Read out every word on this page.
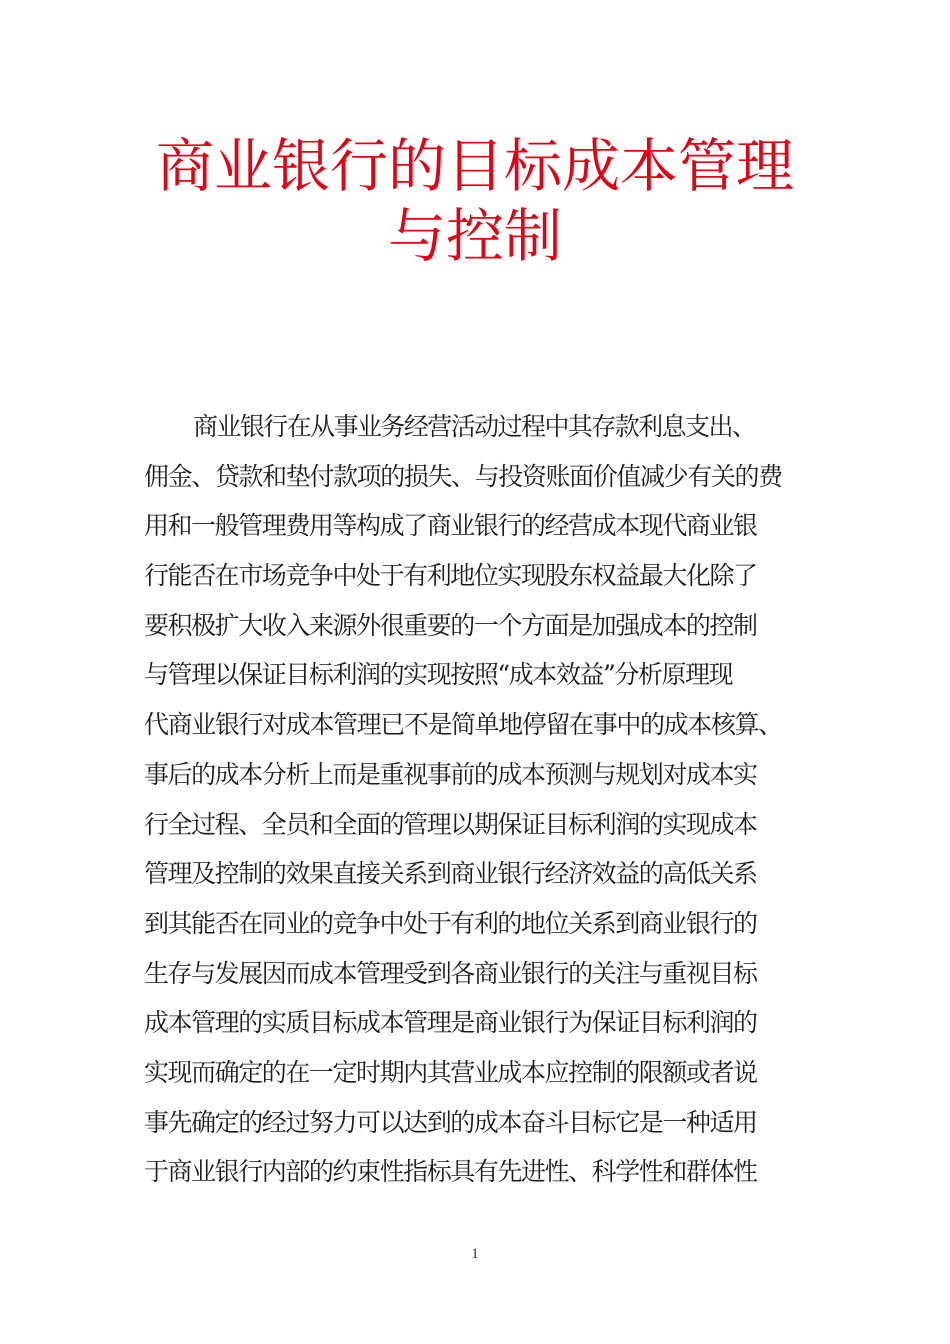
商业银行的目标成本管理
与控制
商业银行在从事业务经营活动过程中其存款利息支出、
佣金、贷款和垫付款项的损失、与投资账面价值减少有关的费
用和一般管理费用等构成了商业银行的经营成本现代商业银
行能否在市场竞争中处于有利地位实现股东权益最大化除了
要积极扩大收入来源外很重要的一个方面是加强成本的控制
与管理以保证目标利润的实现按照“成本效益”分析原理现
代商业银行对成本管理已不是简单地停留在事中的成本核算、
事后的成本分析上而是重视事前的成本预测与规划对成本实
行全过程、全员和全面的管理以期保证目标利润的实现成本
管理及控制的效果直接关系到商业银行经济效益的高低关系
到其能否在同业的竞争中处于有利的地位关系到商业银行的
生存与发展因而成本管理受到各商业银行的关注与重视目标
成本管理的实质目标成本管理是商业银行为保证目标利润的
实现而确定的在一定时期内其营业成本应控制的限额或者说
事先确定的经过努力可以达到的成本奋斗目标它是一种适用
于商业银行内部的约束性指标具有先进性、科学性和群体性
1
